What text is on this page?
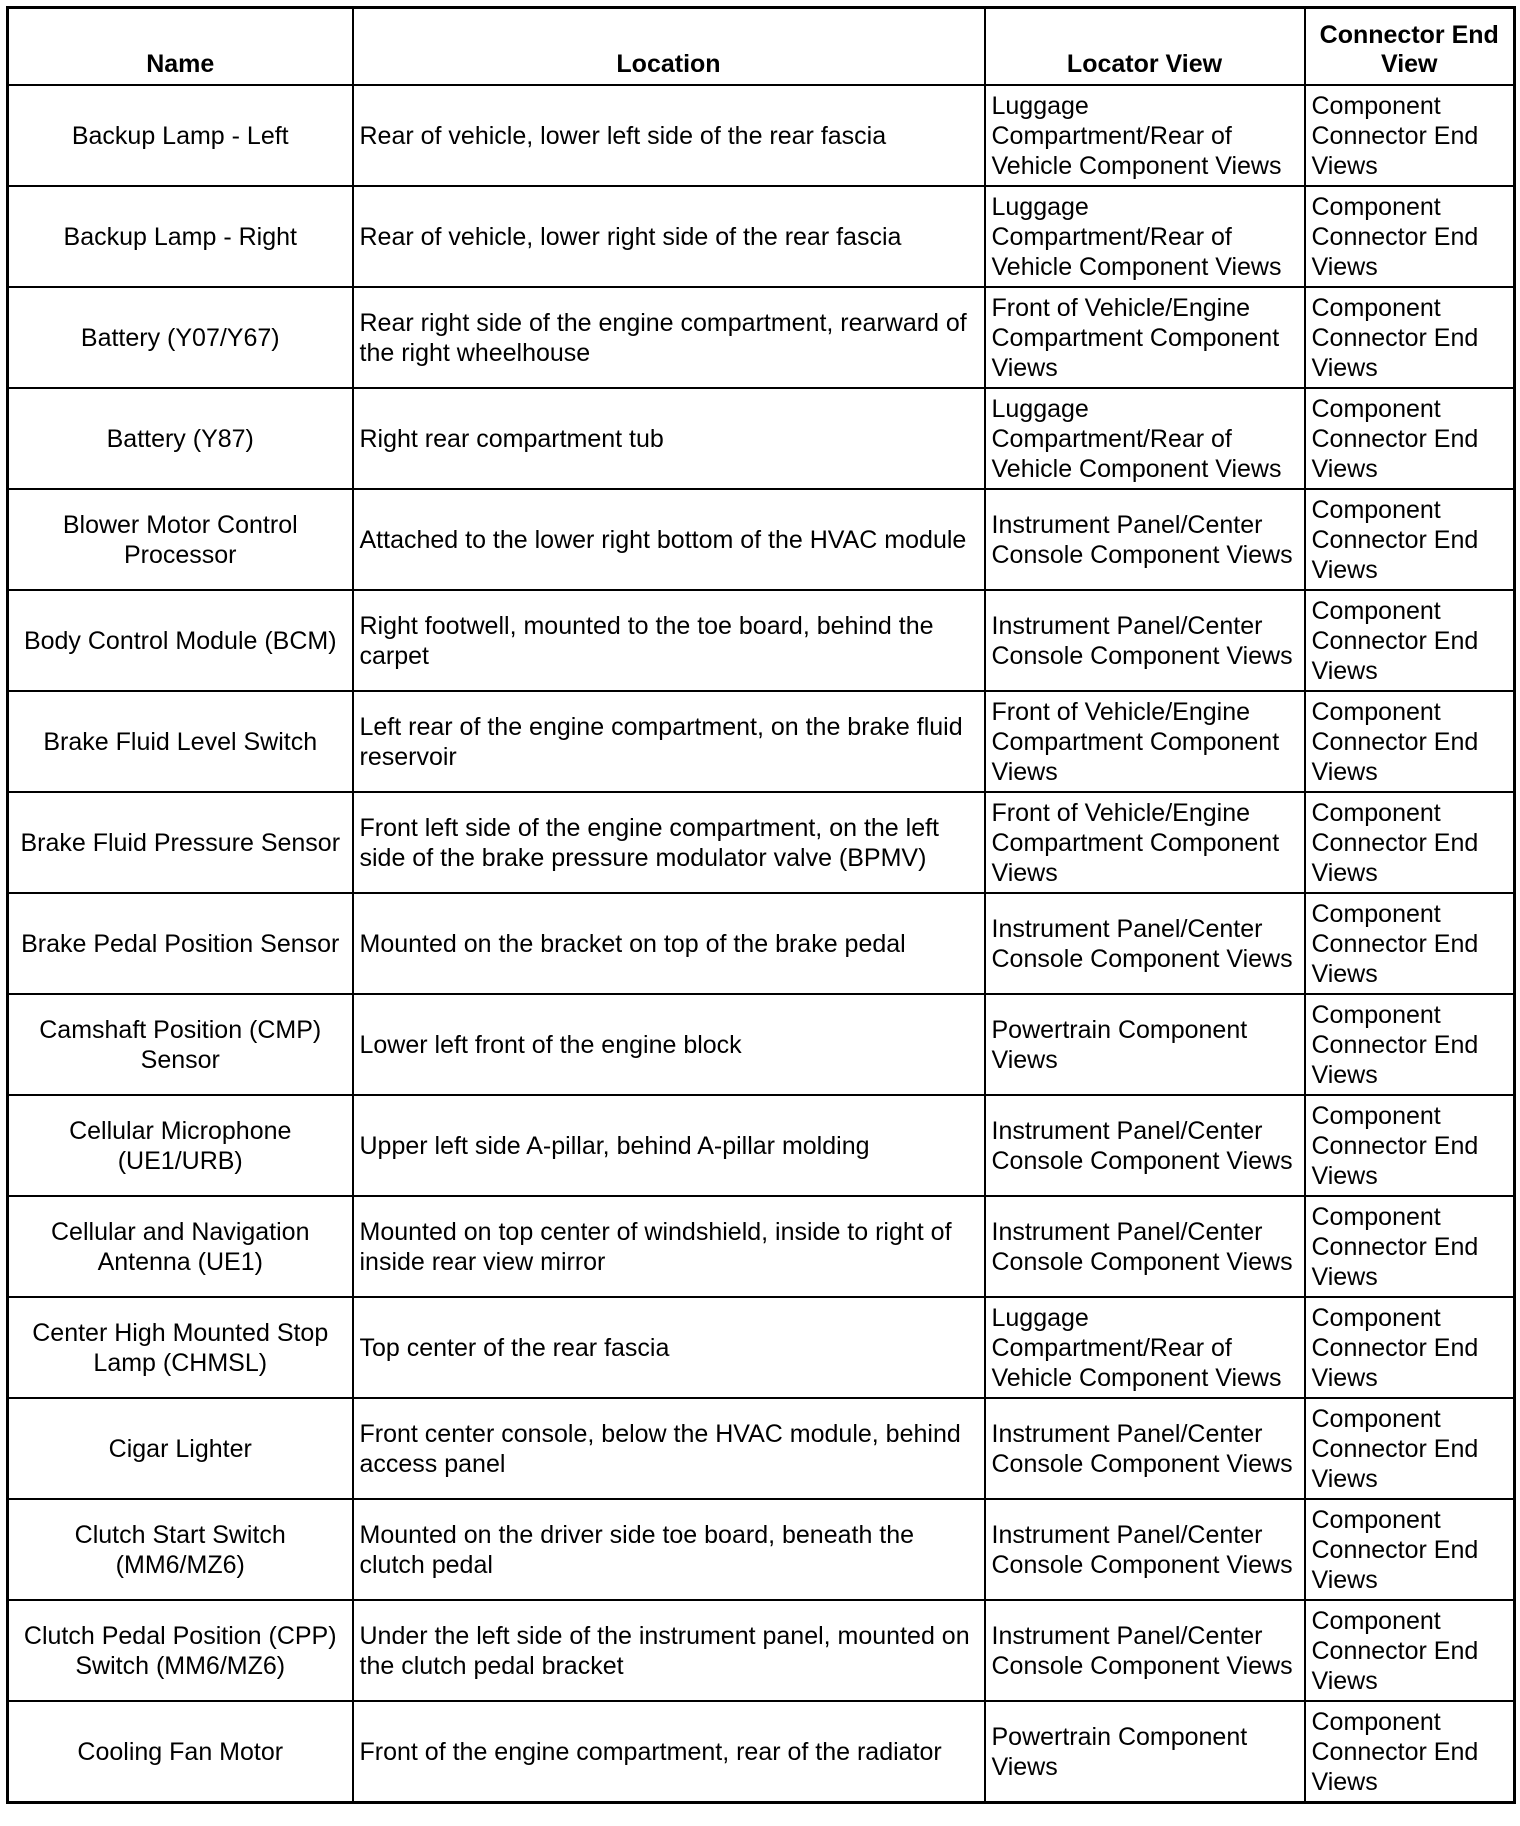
Name	Location	Locator View	Connector End View
Backup Lamp - Left	Rear of vehicle, lower left side of the rear fascia	Luggage Compartment/Rear of Vehicle Component Views	Component Connector End Views
Backup Lamp - Right	Rear of vehicle, lower right side of the rear fascia	Luggage Compartment/Rear of Vehicle Component Views	Component Connector End Views
Battery (Y07/Y67)	Rear right side of the engine compartment, rearward of the right wheelhouse	Front of Vehicle/Engine Compartment Component Views	Component Connector End Views
Battery (Y87)	Right rear compartment tub	Luggage Compartment/Rear of Vehicle Component Views	Component Connector End Views
Blower Motor Control Processor	Attached to the lower right bottom of the HVAC module	Instrument Panel/Center Console Component Views	Component Connector End Views
Body Control Module (BCM)	Right footwell, mounted to the toe board, behind the carpet	Instrument Panel/Center Console Component Views	Component Connector End Views
Brake Fluid Level Switch	Left rear of the engine compartment, on the brake fluid reservoir	Front of Vehicle/Engine Compartment Component Views	Component Connector End Views
Brake Fluid Pressure Sensor	Front left side of the engine compartment, on the left side of the brake pressure modulator valve (BPMV)	Front of Vehicle/Engine Compartment Component Views	Component Connector End Views
Brake Pedal Position Sensor	Mounted on the bracket on top of the brake pedal	Instrument Panel/Center Console Component Views	Component Connector End Views
Camshaft Position (CMP) Sensor	Lower left front of the engine block	Powertrain Component Views	Component Connector End Views
Cellular Microphone (UE1/URB)	Upper left side A-pillar, behind A-pillar molding	Instrument Panel/Center Console Component Views	Component Connector End Views
Cellular and Navigation Antenna (UE1)	Mounted on top center of windshield, inside to right of inside rear view mirror	Instrument Panel/Center Console Component Views	Component Connector End Views
Center High Mounted Stop Lamp (CHMSL)	Top center of the rear fascia	Luggage Compartment/Rear of Vehicle Component Views	Component Connector End Views
Cigar Lighter	Front center console, below the HVAC module, behind access panel	Instrument Panel/Center Console Component Views	Component Connector End Views
Clutch Start Switch (MM6/MZ6)	Mounted on the driver side toe board, beneath the clutch pedal	Instrument Panel/Center Console Component Views	Component Connector End Views
Clutch Pedal Position (CPP) Switch (MM6/MZ6)	Under the left side of the instrument panel, mounted on the clutch pedal bracket	Instrument Panel/Center Console Component Views	Component Connector End Views
Cooling Fan Motor	Front of the engine compartment, rear of the radiator	Powertrain Component Views	Component Connector End Views
